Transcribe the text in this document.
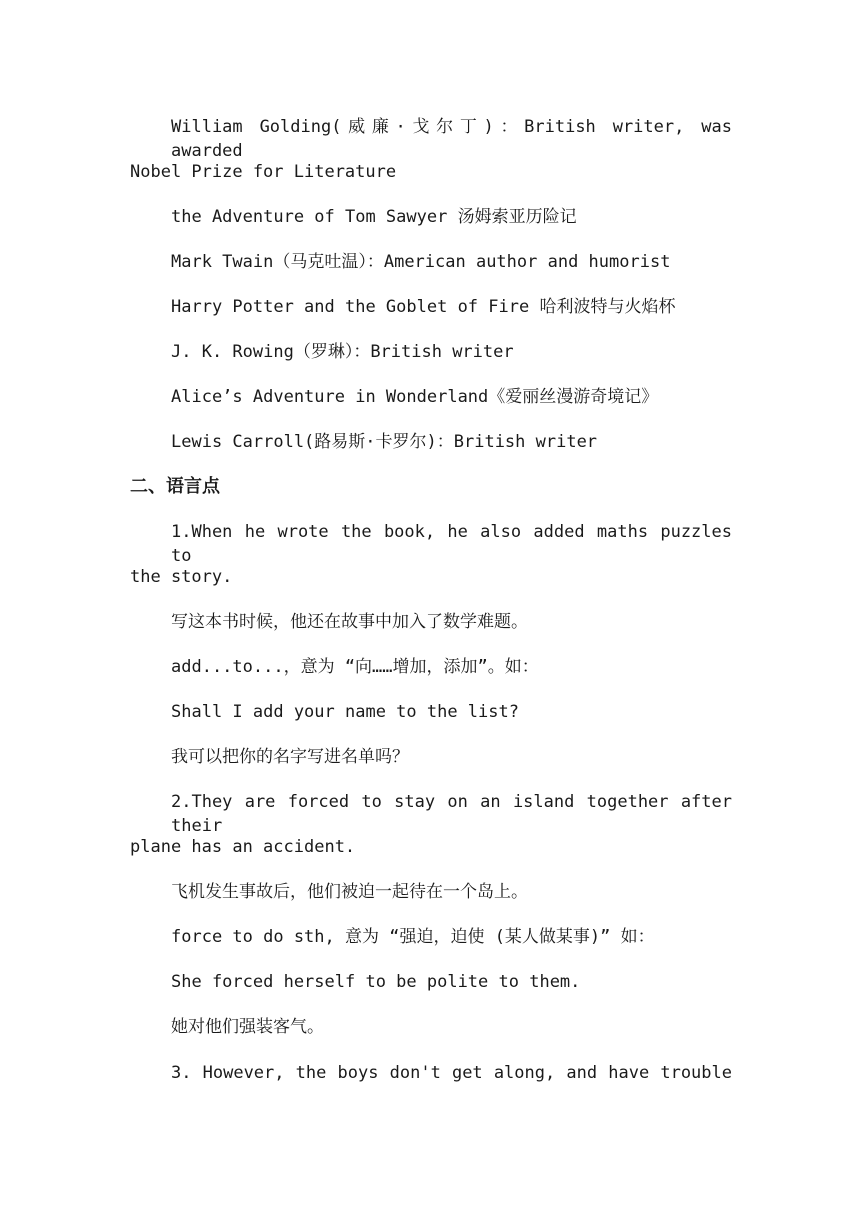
William Golding(威廉·戈尔丁)：British writer, was awarded
Nobel Prize for Literature
the Adventure of Tom Sawyer 汤姆索亚历险记
Mark Twain（马克吐温）：American author and humorist
Harry Potter and the Goblet of Fire 哈利波特与火焰杯
J. K. Rowing（罗琳）：British writer
Alice’s Adventure in Wonderland《爱丽丝漫游奇境记》
Lewis Carroll(路易斯·卡罗尔)：British writer
二、语言点
1.When he wrote the book, he also added maths puzzles to
the story.
写这本书时候，他还在故事中加入了数学难题。
add...to...，意为 “向……增加，添加”。如：
Shall I add your name to the list?
我可以把你的名字写进名单吗？
2.They are forced to stay on an island together after their
plane has an accident.
飞机发生事故后，他们被迫一起待在一个岛上。
force to do sth, 意为 “强迫，迫使 (某人做某事)” 如：
She forced herself to be polite to them.
她对他们强装客气。
3. However, the boys don't get along, and have trouble
